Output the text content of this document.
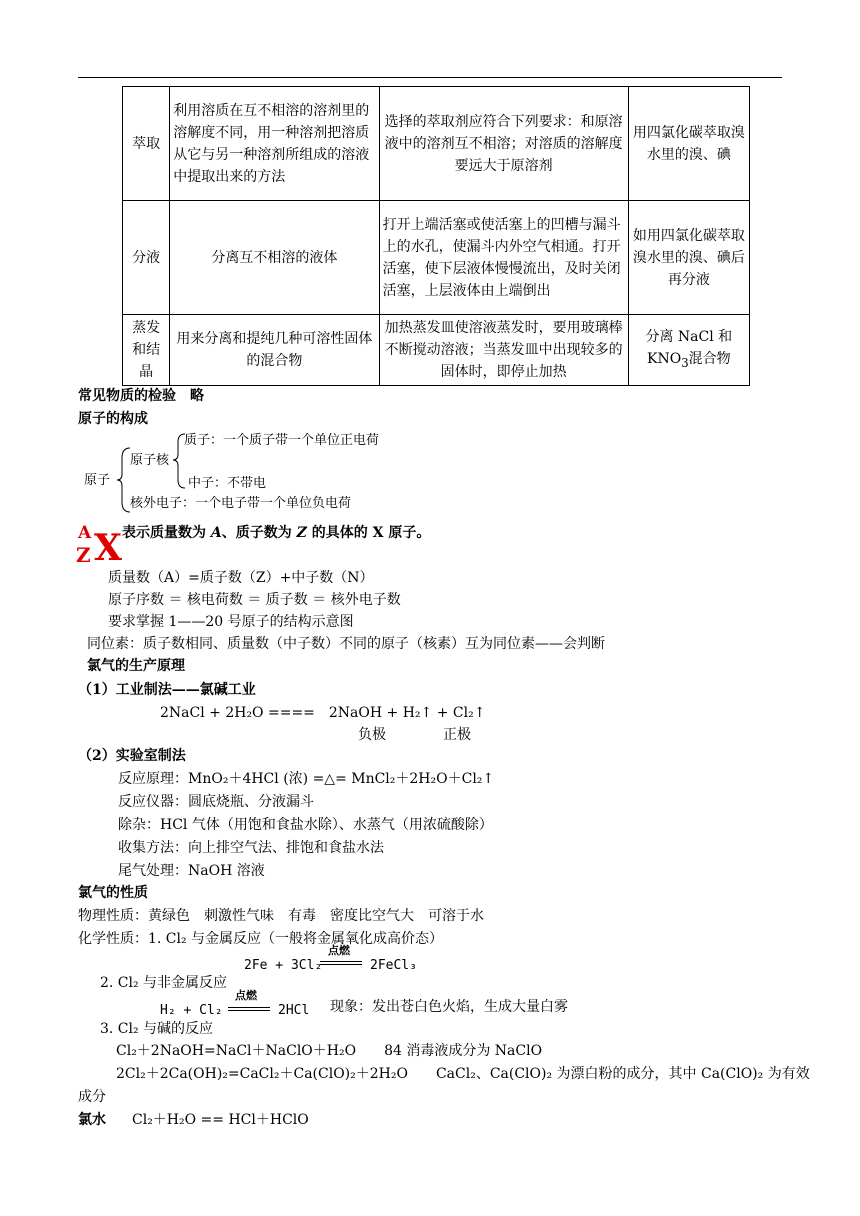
萃取	利用溶质在互不相溶的溶剂里的溶解度不同，用一种溶剂把溶质从它与另一种溶剂所组成的溶液中提取出来的方法	选择的萃取剂应符合下列要求：和原溶液中的溶剂互不相溶；对溶质的溶解度要远大于原溶剂	用四氯化碳萃取溴水里的溴、碘
分液	分离互不相溶的液体	打开上端活塞或使活塞上的凹槽与漏斗上的水孔，使漏斗内外空气相通。打开活塞，使下层液体慢慢流出，及时关闭活塞，上层液体由上端倒出	如用四氯化碳萃取溴水里的溴、碘后再分液
蒸发和结晶	用来分离和提纯几种可溶性固体的混合物	加热蒸发皿使溶液蒸发时，要用玻璃棒不断搅动溶液；当蒸发皿中出现较多的固体时，即停止加热	分离 NaCl 和 $KNO_3$混合物
常见物质的检验　略
原子的构成
原子
原子核
质子：一个质子带一个单位正电荷
中子：不带电
核外电子：一个电子带一个单位负电荷
A
Z X 表示质量数为 A、质子数为 Z 的具体的 X 原子。
质量数（A）=质子数（Z）+中子数（N）
原子序数 ＝ 核电荷数 ＝ 质子数 ＝ 核外电子数
要求掌握 1——20 号原子的结构示意图
同位素：质子数相同、质量数（中子数）不同的原子（核素）互为同位素——会判断
氯气的生产原理
（1）工业制法——氯碱工业
2NaCl + 2H₂O ====　2NaOH + H₂↑ + Cl₂↑
负极	正极
（2）实验室制法
反应原理：MnO₂＋4HCl (浓) =△= MnCl₂＋2H₂O＋Cl₂↑
反应仪器：圆底烧瓶、分液漏斗
除杂：HCl 气体（用饱和食盐水除）、水蒸气（用浓硫酸除）
收集方法：向上排空气法、排饱和食盐水法
尾气处理：NaOH 溶液
氯气的性质
物理性质：黄绿色　刺激性气味　有毒　密度比空气大　可溶于水
化学性质：1. Cl₂ 与金属反应（一般将金属氧化成高价态）
2Fe + 3Cl₂
点燃
2FeCl₃
2. Cl₂ 与非金属反应
H₂ + Cl₂
点燃
2HCl 现象：发出苍白色火焰，生成大量白雾
3. Cl₂ 与碱的反应
Cl₂＋2NaOH=NaCl＋NaClO＋H₂O　　84 消毒液成分为 NaClO
2Cl₂＋2Ca(OH)₂=CaCl₂＋Ca(ClO)₂＋2H₂O　　CaCl₂、Ca(ClO)₂ 为漂白粉的成分，其中 Ca(ClO)₂ 为有效
成分
氯水 Cl₂＋H₂O == HCl＋HClO
